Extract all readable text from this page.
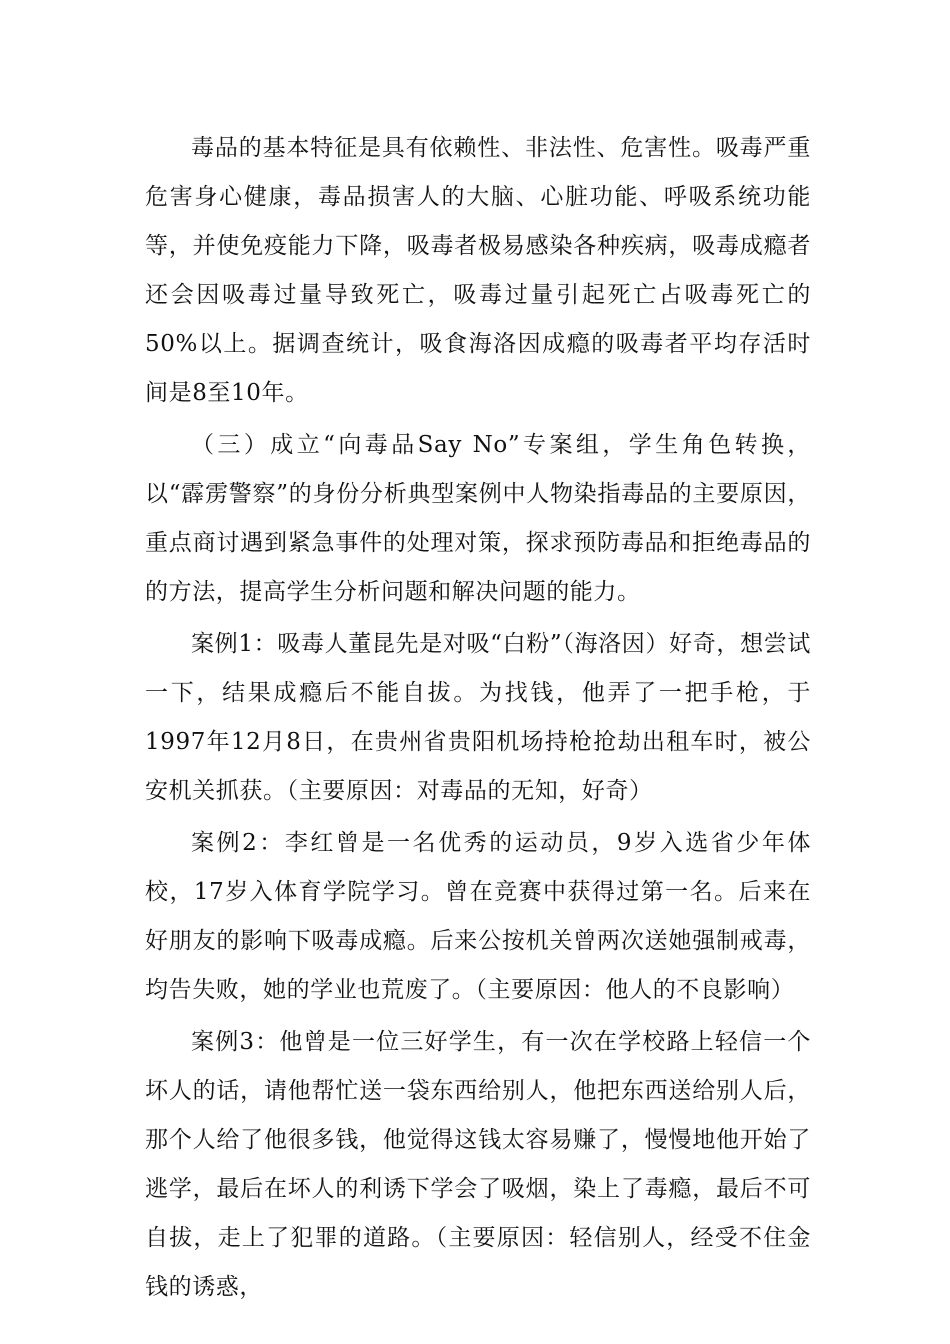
毒品的基本特征是具有依赖性、非法性、危害性。吸毒严重危害身心健康，毒品损害人的大脑、心脏功能、呼吸系统功能等，并使免疫能力下降，吸毒者极易感染各种疾病，吸毒成瘾者还会因吸毒过量导致死亡，吸毒过量引起死亡占吸毒死亡的50%以上。据调查统计，吸食海洛因成瘾的吸毒者平均存活时间是8至10年。

（三）成立“向毒品Say No”专案组，学生角色转换，以“霹雳警察”的身份分析典型案例中人物染指毒品的主要原因，重点商讨遇到紧急事件的处理对策，探求预防毒品和拒绝毒品的的方法，提高学生分析问题和解决问题的能力。

案例1：吸毒人董昆先是对吸“白粉”（海洛因）好奇，想尝试一下，结果成瘾后不能自拔。为找钱，他弄了一把手枪，于1997年12月8日，在贵州省贵阳机场持枪抢劫出租车时，被公安机关抓获。（主要原因：对毒品的无知，好奇）

案例2：李红曾是一名优秀的运动员，9岁入选省少年体校，17岁入体育学院学习。曾在竞赛中获得过第一名。后来在好朋友的影响下吸毒成瘾。后来公按机关曾两次送她强制戒毒，均告失败，她的学业也荒废了。（主要原因：他人的不良影响）

案例3：他曾是一位三好学生，有一次在学校路上轻信一个坏人的话，请他帮忙送一袋东西给别人，他把东西送给别人后，那个人给了他很多钱，他觉得这钱太容易赚了，慢慢地他开始了逃学，最后在坏人的利诱下学会了吸烟，染上了毒瘾，最后不可自拔，走上了犯罪的道路。（主要原因：轻信别人，经受不住金钱的诱惑，
